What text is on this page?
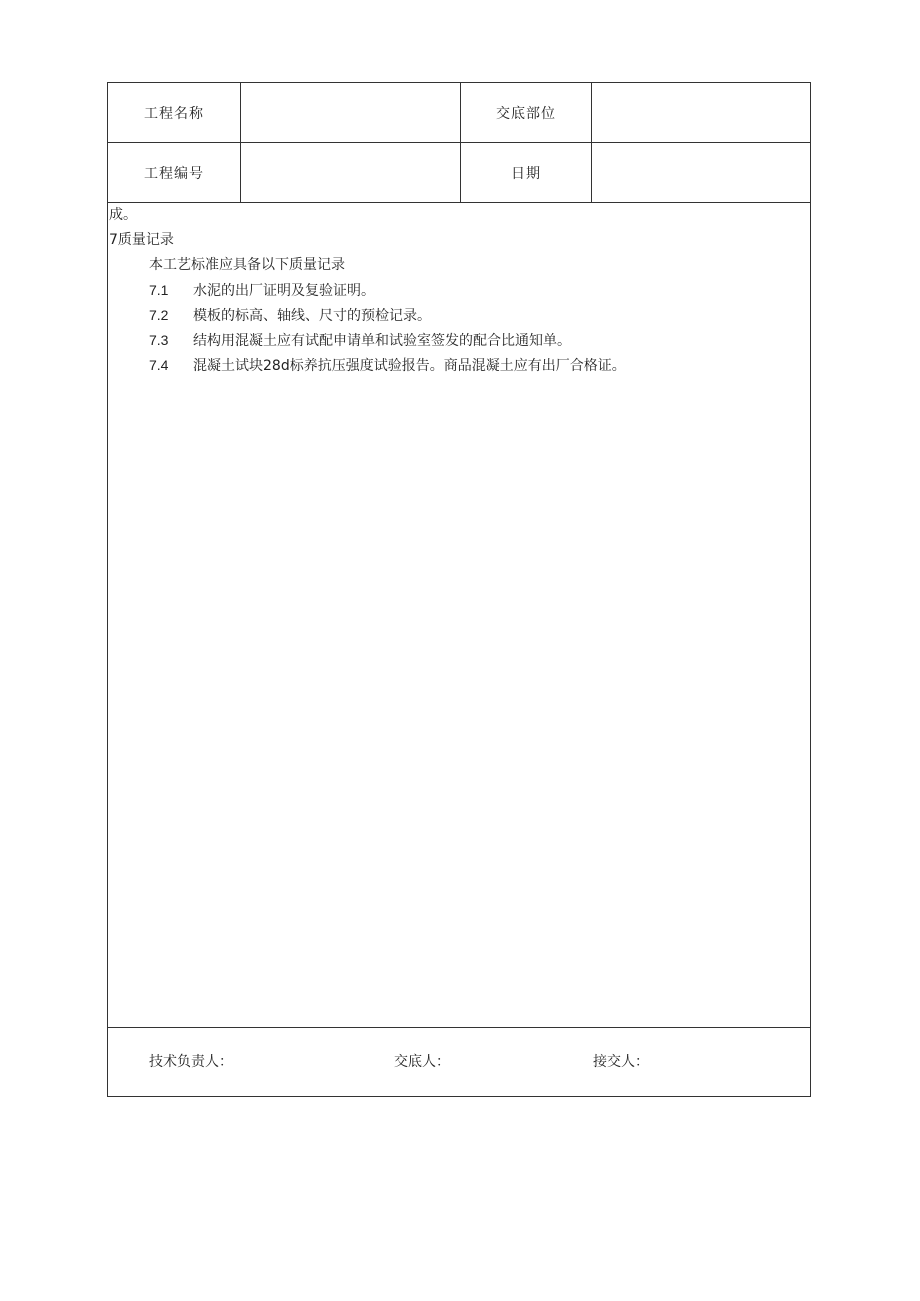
工程名称	交底部位
工程编号	日期
成。
7质量记录
本工艺标准应具备以下质量记录
7.1 水泥的出厂证明及复验证明。
7.2 模板的标高、轴线、尺寸的预检记录。
7.3 结构用混凝土应有试配申请单和试验室签发的配合比通知单。
7.4 混凝土试块28d标养抗压强度试验报告。商品混凝土应有出厂合格证。
技术负责人：	交底人：	接交人：
